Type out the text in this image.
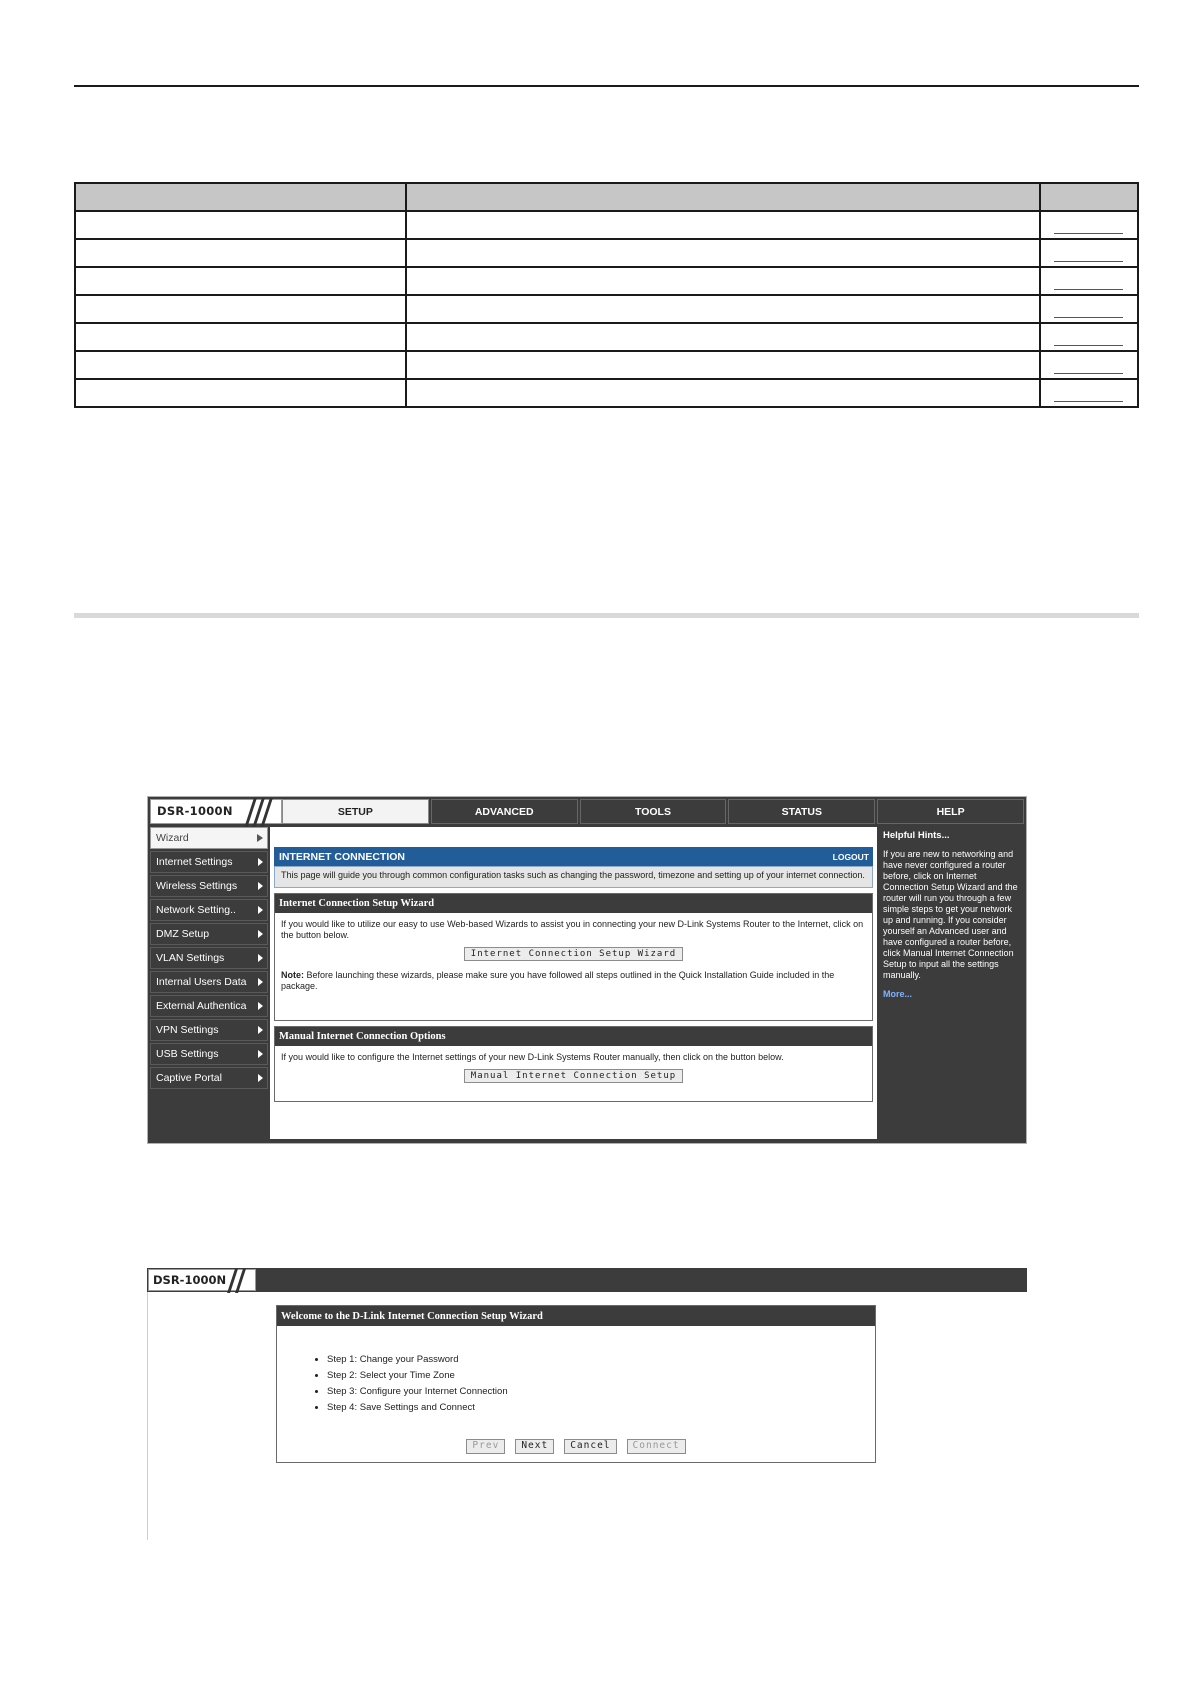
DSR-1000N	SETUP	ADVANCED	TOOLS	STATUS	HELP
Wizard
Internet Settings
Wireless Settings
Network Setting..
DMZ Setup
VLAN Settings
Internal Users Data
External Authentica
VPN Settings
USB Settings
Captive Portal
INTERNET CONNECTION	LOGOUT
This page will guide you through common configuration tasks such as changing the password, timezone and setting up of your internet connection.
Internet Connection Setup Wizard

If you would like to utilize our easy to use Web-based Wizards to assist you in connecting your new D-Link Systems Router to the Internet, click on the button below.

Internet Connection Setup Wizard

Note: Before launching these wizards, please make sure you have followed all steps outlined in the Quick Installation Guide included in the package.

Manual Internet Connection Options

If you would like to configure the Internet settings of your new D-Link Systems Router manually, then click on the button below.

Manual Internet Connection Setup
Helpful Hints...
If you are new to networking and have never configured a router before, click on Internet Connection Setup Wizard and the router will run you through a few simple steps to get your network up and running. If you consider yourself an Advanced user and have configured a router before, click Manual Internet Connection Setup to input all the settings manually.
More...
DSR-1000N
Welcome to the D-Link Internet Connection Setup Wizard
• Step 1: Change your Password
• Step 2: Select your Time Zone
• Step 3: Configure your Internet Connection
• Step 4: Save Settings and Connect
Prev	Next	Cancel	Connect
